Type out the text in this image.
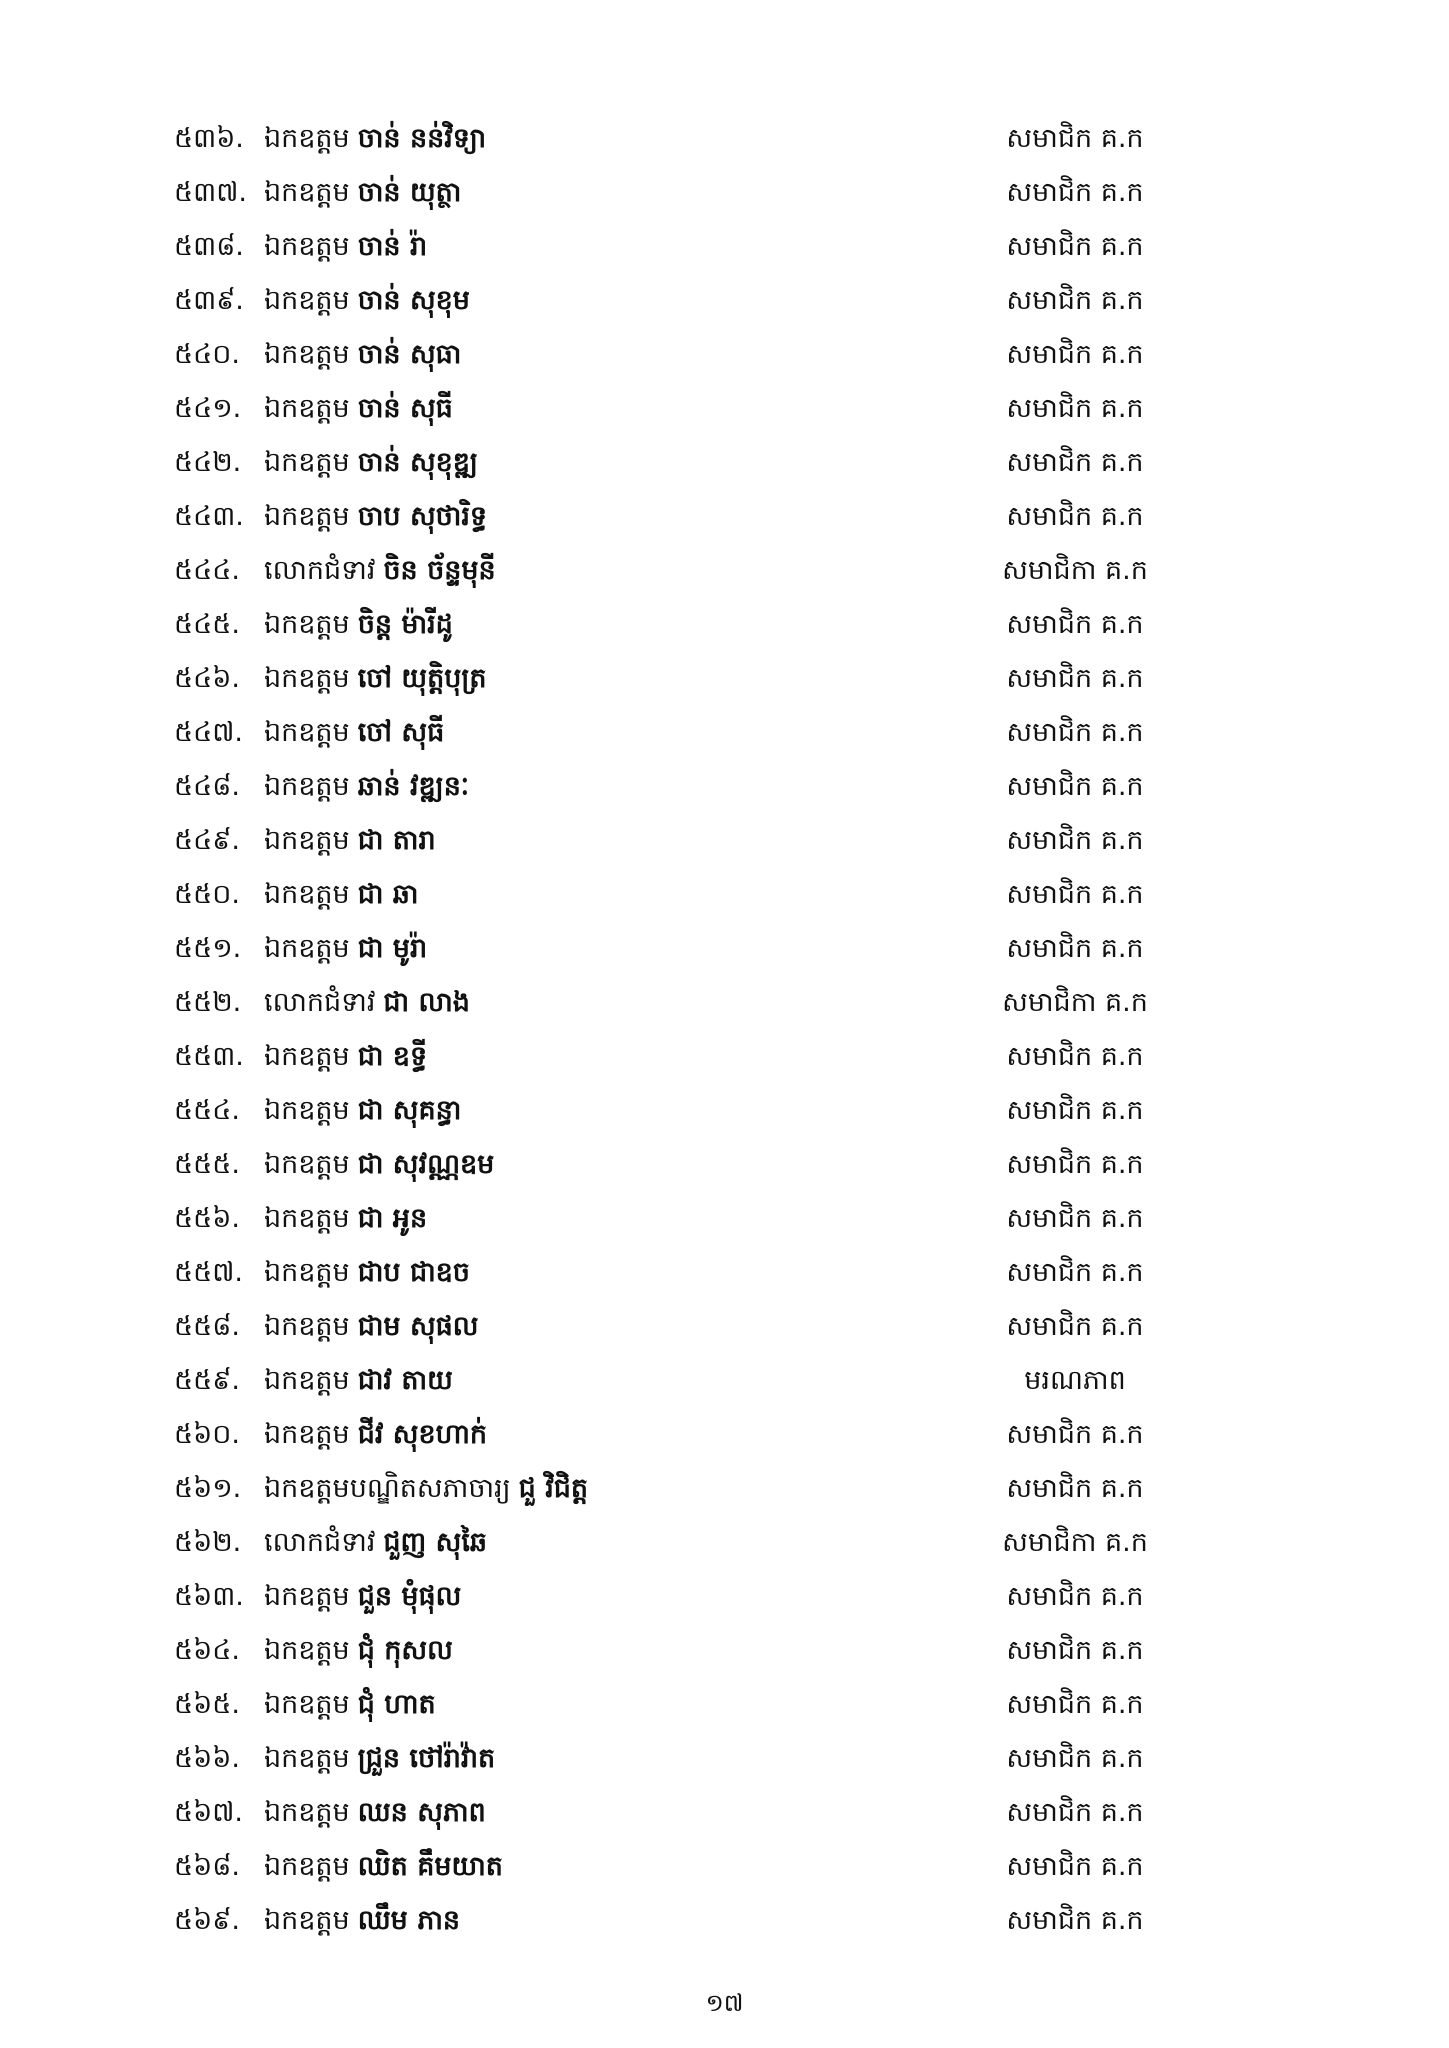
៥៣៦. ឯកឧត្តម ចាន់ នន់វិទ្យា	សមាជិក គ.ក
៥៣៧. ឯកឧត្តម ចាន់ យុត្ថា	សមាជិក គ.ក
៥៣៨. ឯកឧត្តម ចាន់ រ៉ា	សមាជិក គ.ក
៥៣៩. ឯកឧត្តម ចាន់ សុខុម	សមាជិក គ.ក
៥៤០. ឯកឧត្តម ចាន់ សុធា	សមាជិក គ.ក
៥៤១. ឯកឧត្តម ចាន់ សុធី	សមាជិក គ.ក
៥៤២. ឯកឧត្តម ចាន់ សុខុឌ្ឍ	សមាជិក គ.ក
៥៤៣. ឯកឧត្តម ចាប សុថារិទ្ធ	សមាជិក គ.ក
៥៤៤. លោកជំទាវ ចិន ច័ន្ទមុនី	សមាជិកា គ.ក
៥៤៥. ឯកឧត្តម ចិន្ត ម៉ារីដូ	សមាជិក គ.ក
៥៤៦. ឯកឧត្តម ចៅ យុត្តិបុត្រ	សមាជិក គ.ក
៥៤៧. ឯកឧត្តម ចៅ សុធី	សមាជិក គ.ក
៥៤៨. ឯកឧត្តម ឆាន់ វឌ្ឍនៈ	សមាជិក គ.ក
៥៤៩. ឯកឧត្តម ជា តារា	សមាជិក គ.ក
៥៥០. ឯកឧត្តម ជា ឆា	សមាជិក គ.ក
៥៥១. ឯកឧត្តម ជា មូរ៉ា	សមាជិក គ.ក
៥៥២. លោកជំទាវ ជា លាង	សមាជិកា គ.ក
៥៥៣. ឯកឧត្តម ជា ឧទ្ធី	សមាជិក គ.ក
៥៥៤. ឯកឧត្តម ជា សុគន្ធា	សមាជិក គ.ក
៥៥៥. ឯកឧត្តម ជា សុវណ្ណឧម	សមាជិក គ.ក
៥៥៦. ឯកឧត្តម ជា អូន	សមាជិក គ.ក
៥៥៧. ឯកឧត្តម ជាប ជាឧច	សមាជិក គ.ក
៥៥៨. ឯកឧត្តម ជាម សុផល	សមាជិក គ.ក
៥៥៩. ឯកឧត្តម ជាវ តាយ	មរណភាព
៥៦០. ឯកឧត្តម ជីវ សុខហាក់	សមាជិក គ.ក
៥៦១. ឯកឧត្តមបណ្ឌិតសភាចារ្យ ជួ វិជិត្ត	សមាជិក គ.ក
៥៦២. លោកជំទាវ ជួញ សុឆៃ	សមាជិកា គ.ក
៥៦៣. ឯកឧត្តម ជួន មុំផុល	សមាជិក គ.ក
៥៦៤. ឯកឧត្តម ជុំ កុសល	សមាជិក គ.ក
៥៦៥. ឯកឧត្តម ជុំ ហាត	សមាជិក គ.ក
៥៦៦. ឯកឧត្តម ជ្រួន ថៅរ៉ាវ៉ាត	សមាជិក គ.ក
៥៦៧. ឯកឧត្តម ឈន សុភាព	សមាជិក គ.ក
៥៦៨. ឯកឧត្តម ឈិត គឹមយាត	សមាជិក គ.ក
៥៦៩. ឯកឧត្តម ឈឹម ភាន	សមាជិក គ.ក
១៧
